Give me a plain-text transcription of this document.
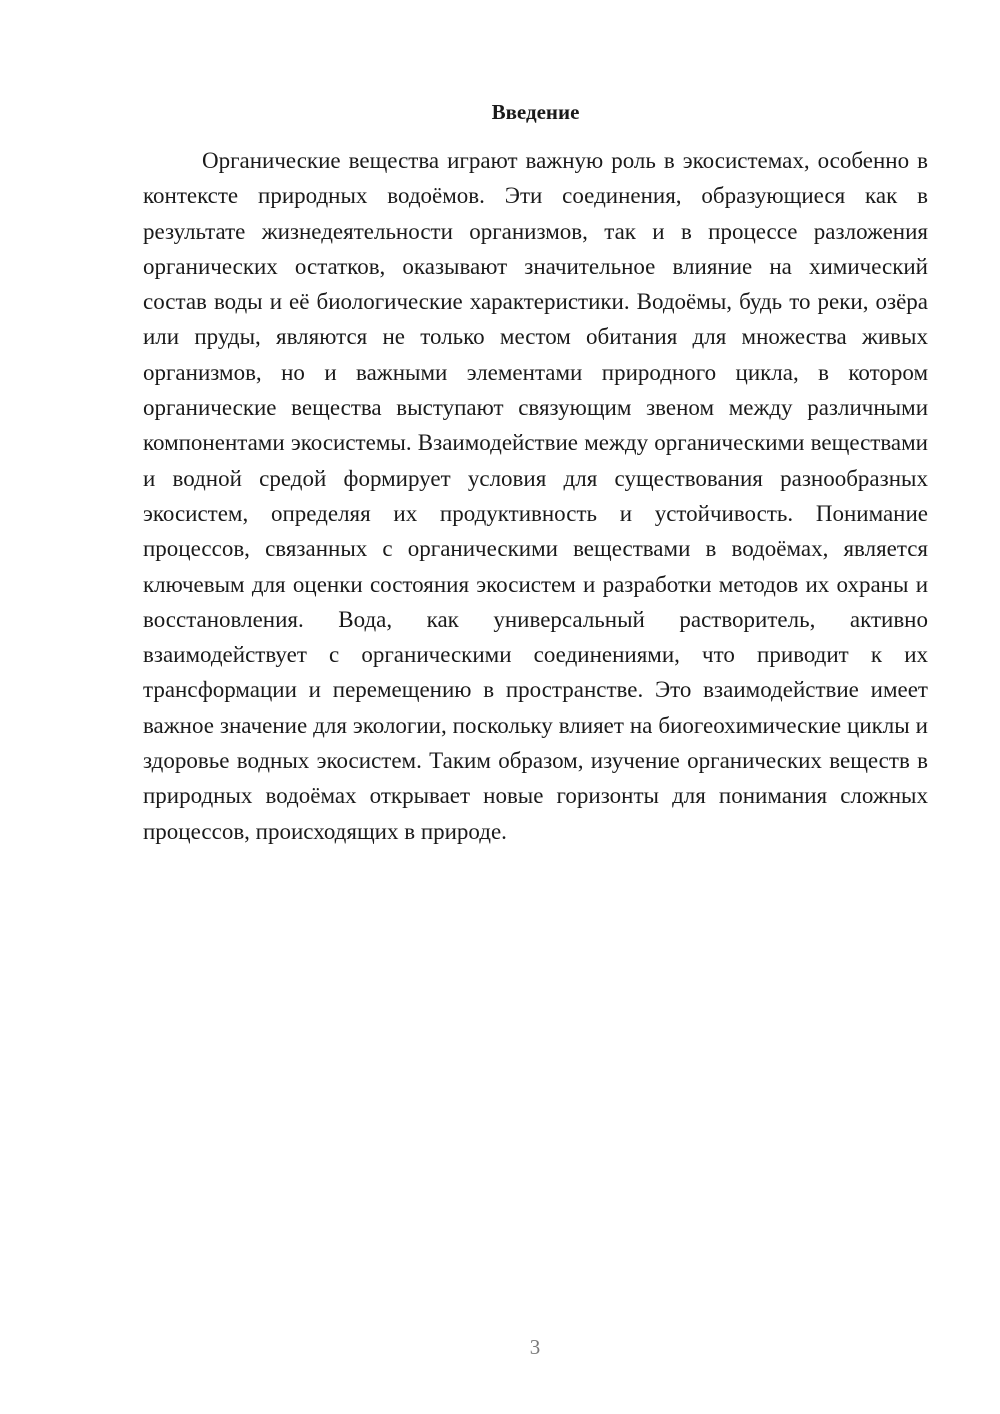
Введение

Органические вещества играют важную роль в экосистемах, особенно в контексте природных водоёмов. Эти соединения, образующиеся как в результате жизнедеятельности организмов, так и в процессе разложения органических остатков, оказывают значительное влияние на химический состав воды и её биологические характеристики. Водоёмы, будь то реки, озёра или пруды, являются не только местом обитания для множества живых организмов, но и важными элементами природного цикла, в котором органические вещества выступают связующим звеном между различными компонентами экосистемы. Взаимодействие между органическими веществами и водной средой формирует условия для существования разнообразных экосистем, определяя их продуктивность и устойчивость. Понимание процессов, связанных с органическими веществами в водоёмах, является ключевым для оценки состояния экосистем и разработки методов их охраны и восстановления. Вода, как универсальный растворитель, активно взаимодействует с органическими соединениями, что приводит к их трансформации и перемещению в пространстве. Это взаимодействие имеет важное значение для экологии, поскольку влияет на биогеохимические циклы и здоровье водных экосистем. Таким образом, изучение органических веществ в природных водоёмах открывает новые горизонты для понимания сложных процессов, происходящих в природе.

3
